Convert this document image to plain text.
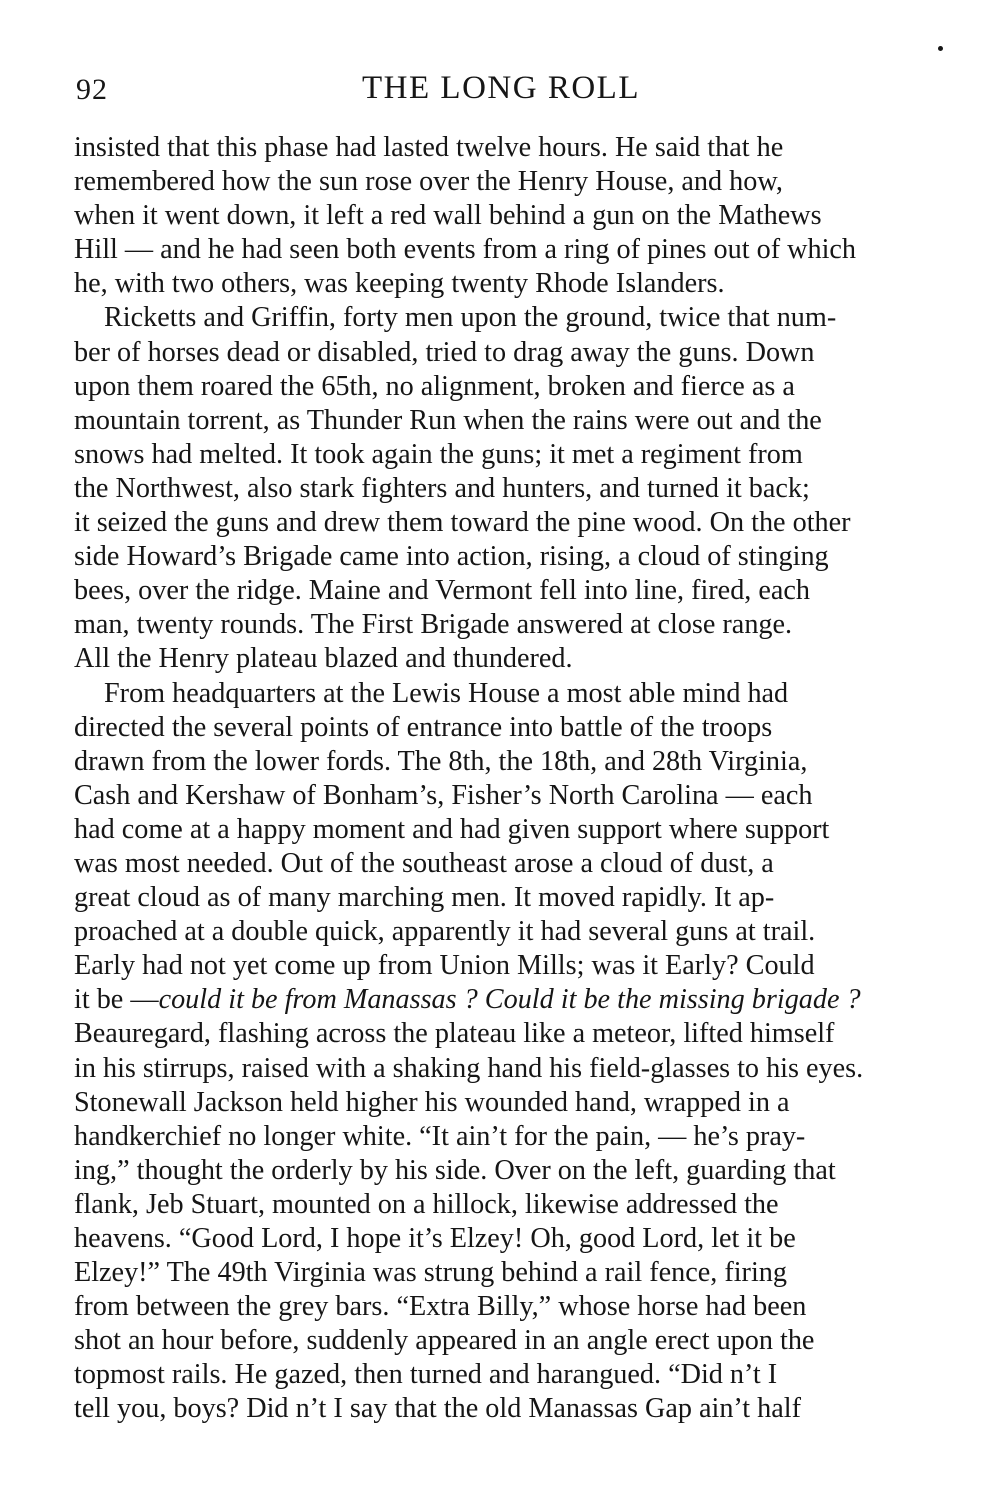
92	THE LONG ROLL
insisted that this phase had lasted twelve hours. He said that he
remembered how the sun rose over the Henry House, and how,
when it went down, it left a red wall behind a gun on the Mathews
Hill — and he had seen both events from a ring of pines out of which
he, with two others, was keeping twenty Rhode Islanders.
Ricketts and Griffin, forty men upon the ground, twice that num-
ber of horses dead or disabled, tried to drag away the guns. Down
upon them roared the 65th, no alignment, broken and fierce as a
mountain torrent, as Thunder Run when the rains were out and the
snows had melted. It took again the guns; it met a regiment from
the Northwest, also stark fighters and hunters, and turned it back;
it seized the guns and drew them toward the pine wood. On the other
side Howard’s Brigade came into action, rising, a cloud of stinging
bees, over the ridge. Maine and Vermont fell into line, fired, each
man, twenty rounds. The First Brigade answered at close range.
All the Henry plateau blazed and thundered.
From headquarters at the Lewis House a most able mind had
directed the several points of entrance into battle of the troops
drawn from the lower fords. The 8th, the 18th, and 28th Virginia,
Cash and Kershaw of Bonham’s, Fisher’s North Carolina — each
had come at a happy moment and had given support where support
was most needed. Out of the southeast arose a cloud of dust, a
great cloud as of many marching men. It moved rapidly. It ap-
proached at a double quick, apparently it had several guns at trail.
Early had not yet come up from Union Mills; was it Early? Could
it be —could it be from Manassas ? Could it be the missing brigade ?
Beauregard, flashing across the plateau like a meteor, lifted himself
in his stirrups, raised with a shaking hand his field-glasses to his eyes.
Stonewall Jackson held higher his wounded hand, wrapped in a
handkerchief no longer white. “It ain’t for the pain, — he’s pray-
ing,” thought the orderly by his side. Over on the left, guarding that
flank, Jeb Stuart, mounted on a hillock, likewise addressed the
heavens. “Good Lord, I hope it’s Elzey! Oh, good Lord, let it be
Elzey!” The 49th Virginia was strung behind a rail fence, firing
from between the grey bars. “Extra Billy,” whose horse had been
shot an hour before, suddenly appeared in an angle erect upon the
topmost rails. He gazed, then turned and harangued. “Did n’t I
tell you, boys? Did n’t I say that the old Manassas Gap ain’t half
